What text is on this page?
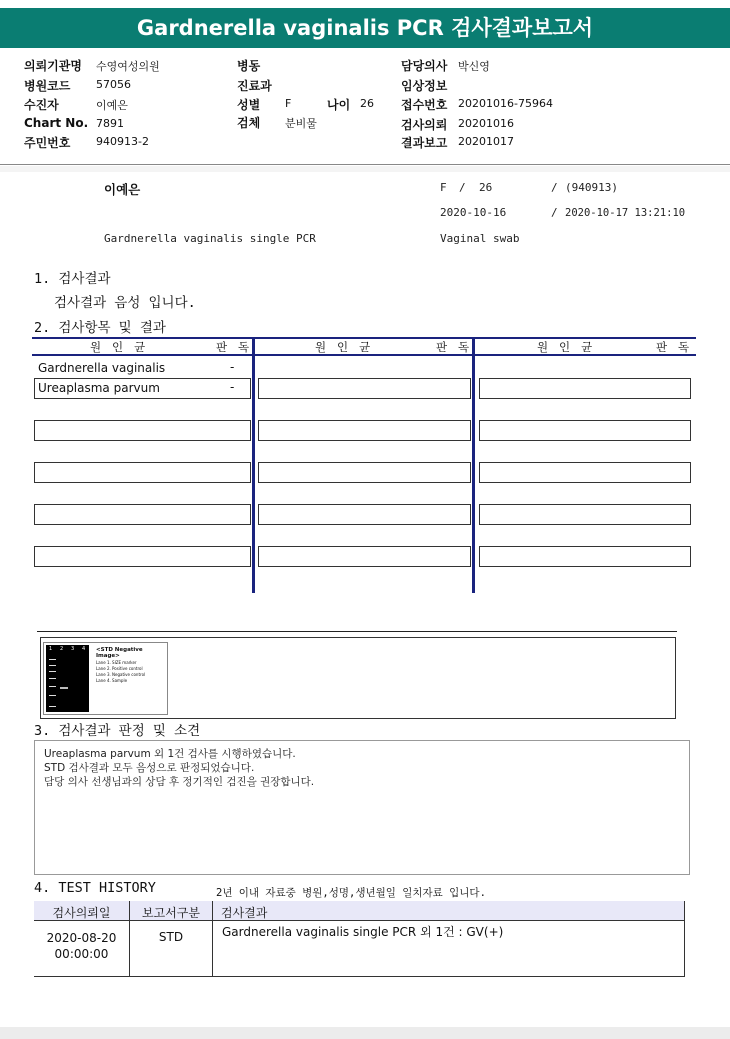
Gardnerella vaginalis PCR 검사결과보고서
의뢰기관명 수영여성의원
병원코드 57056
수진자	이예은
Chart No. 7891
주민번호 940913-2
병동
진료과
성별 F	나이 26
검체 분비물
담당의사 박신영
임상정보
접수번호 20201016-75964
검사의뢰 20201016
결과보고 20201017
이예은	F / 26	/ (940913)
2020-10-16	/ 2020-10-17 13:21:10
Gardnerella vaginalis single PCR	Vaginal swab
1. 검사결과
검사결과 음성 입니다.
2. 검사항목 및 결과
원 인 균	판 독	원 인 균	판 독	원 인 균	판 독
Gardnerella vaginalis	-
Ureaplasma parvum	-
1 2 3 4 <STD Negative Image>
Lane 1. SIZE marker
Lane 2. Positive control
Lane 3. Negative control
Lane 4. Sample
3. 검사결과 판정 및 소견
Ureaplasma parvum 외 1건 검사를 시행하였습니다.
STD 검사결과 모두 음성으로 판정되었습니다.
담당 의사 선생님과의 상담 후 정기적인 검진을 권장합니다.
4. TEST HISTORY	2년 이내 자료중 병원,성명,생년월일 일치자료 입니다.
검사의뢰일	보고서구분	검사결과
2020-08-20
00:00:00
STD	Gardnerella vaginalis single PCR 외 1건 : GV(+)
